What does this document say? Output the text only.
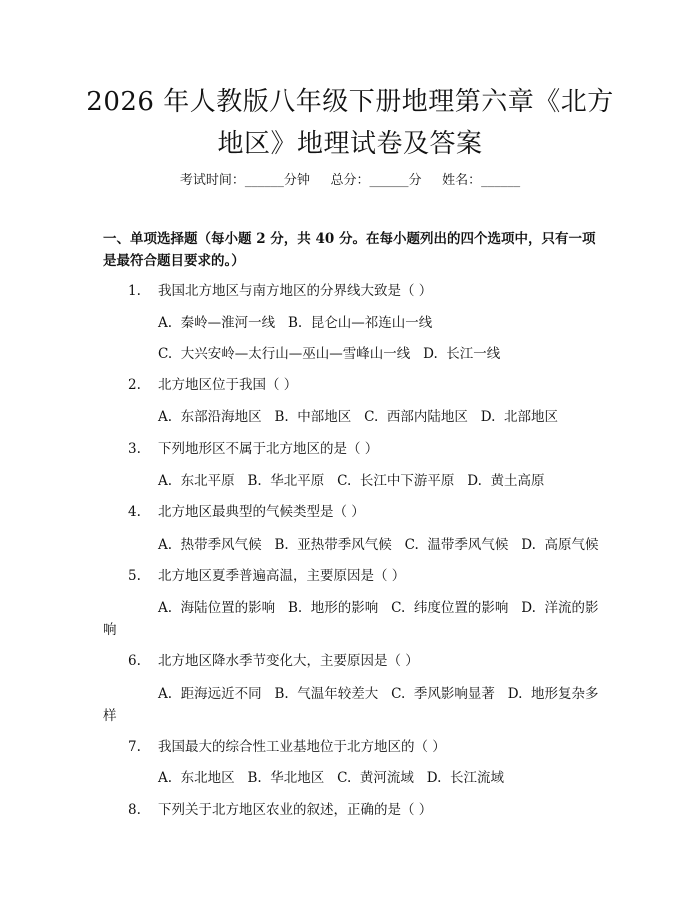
2026 年人教版八年级下册地理第六章《北方
地区》地理试卷及答案
考试时间：______分钟     总分：______分     姓名：______
一、单项选择题（每小题 2 分，共 40 分。在每小题列出的四个选项中，只有一项
是最符合题目要求的。）
1. 我国北方地区与南方地区的分界线大致是（ ）
A.  秦岭—淮河一线   B.  昆仑山—祁连山一线
C.  大兴安岭—太行山—巫山—雪峰山一线   D.  长江一线
2. 北方地区位于我国（ ）
A.  东部沿海地区   B.  中部地区   C.  西部内陆地区   D.  北部地区
3. 下列地形区不属于北方地区的是（ ）
A.  东北平原   B.  华北平原   C.  长江中下游平原   D.  黄土高原
4. 北方地区最典型的气候类型是（ ）
A.  热带季风气候   B.  亚热带季风气候   C.  温带季风气候   D.  高原气候
5. 北方地区夏季普遍高温，主要原因是（ ）
A.  海陆位置的影响   B.  地形的影响   C.  纬度位置的影响   D.  洋流的影
响
6. 北方地区降水季节变化大，主要原因是（ ）
A.  距海远近不同   B.  气温年较差大   C.  季风影响显著   D.  地形复杂多
样
7. 我国最大的综合性工业基地位于北方地区的（ ）
A.  东北地区   B.  华北地区   C.  黄河流域   D.  长江流域
8. 下列关于北方地区农业的叙述，正确的是（ ）
